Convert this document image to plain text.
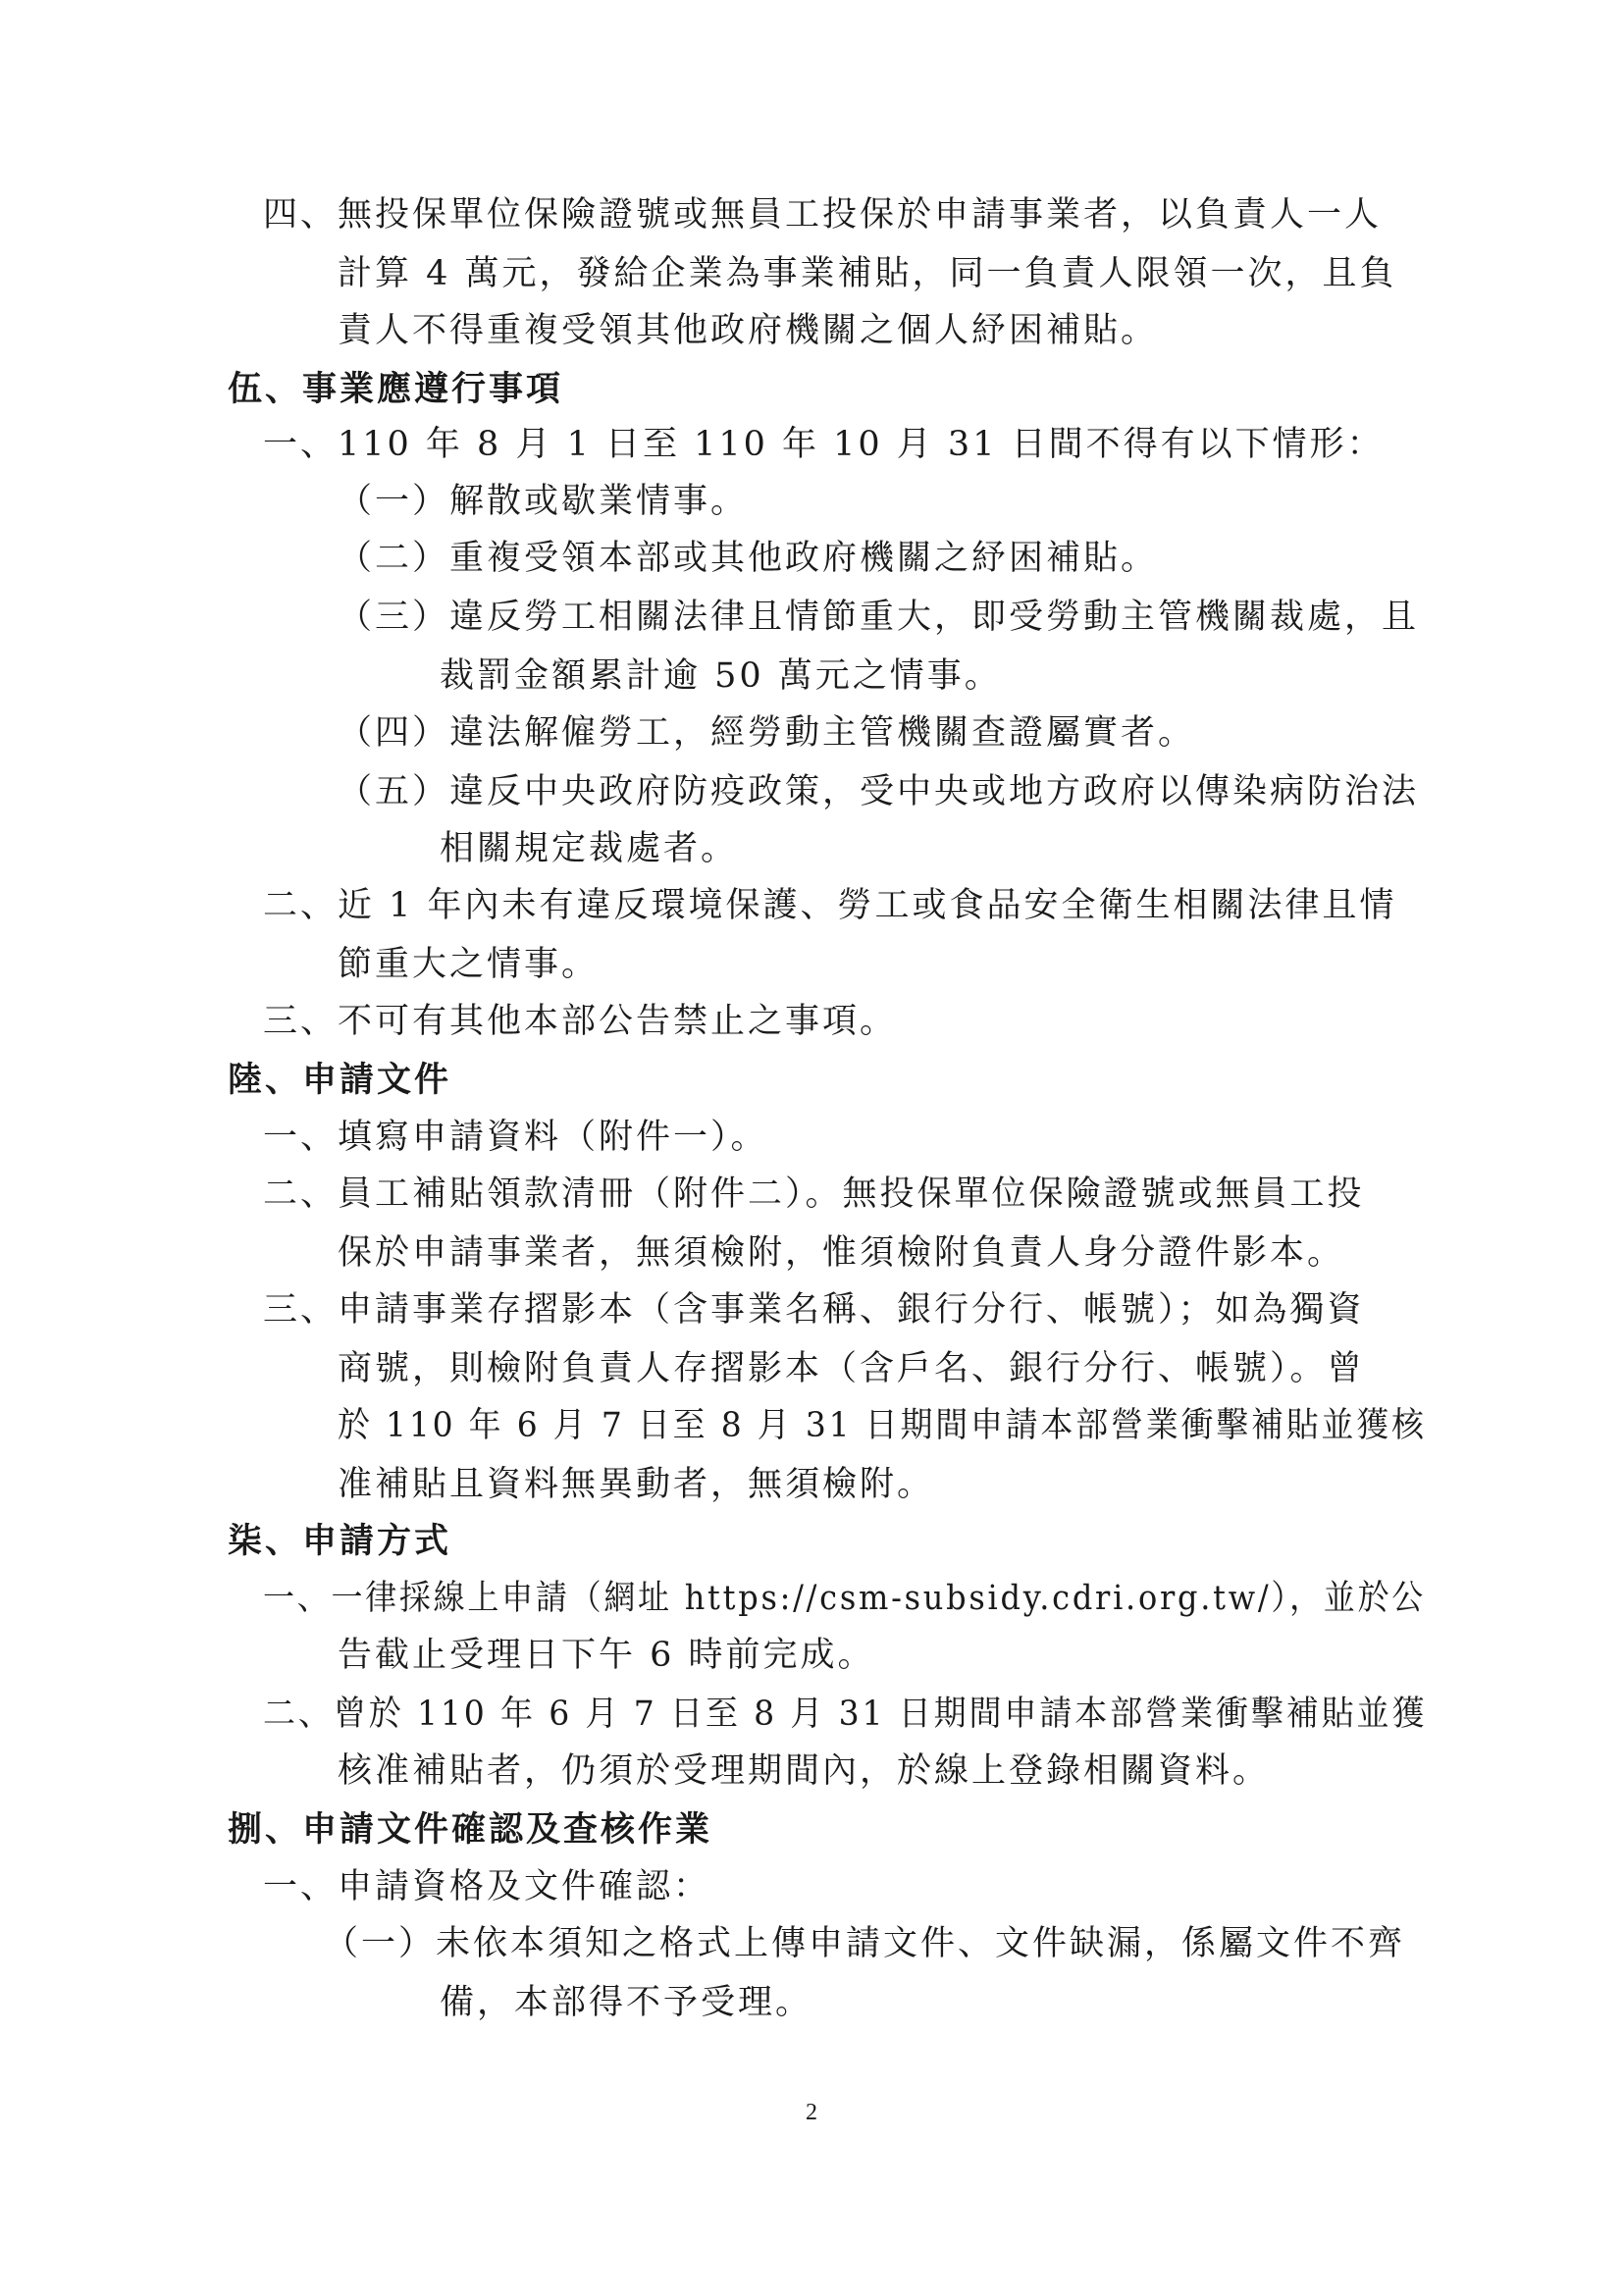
四、無投保單位保險證號或無員工投保於申請事業者，以負責人一人
計算 4 萬元，發給企業為事業補貼，同一負責人限領一次，且負
責人不得重複受領其他政府機關之個人紓困補貼。
伍、事業應遵行事項
一、110 年 8 月 1 日至 110 年 10 月 31 日間不得有以下情形：
（一）解散或歇業情事。
（二）重複受領本部或其他政府機關之紓困補貼。
（三）違反勞工相關法律且情節重大，即受勞動主管機關裁處，且
裁罰金額累計逾 50 萬元之情事。
（四）違法解僱勞工，經勞動主管機關查證屬實者。
（五）違反中央政府防疫政策，受中央或地方政府以傳染病防治法
相關規定裁處者。
二、近 1 年內未有違反環境保護、勞工或食品安全衛生相關法律且情
節重大之情事。
三、不可有其他本部公告禁止之事項。
陸、申請文件
一、填寫申請資料（附件一）。
二、員工補貼領款清冊（附件二）。無投保單位保險證號或無員工投
保於申請事業者，無須檢附，惟須檢附負責人身分證件影本。
三、申請事業存摺影本（含事業名稱、銀行分行、帳號）；如為獨資
商號，則檢附負責人存摺影本（含戶名、銀行分行、帳號）。曾
於 110 年 6 月 7 日至 8 月 31 日期間申請本部營業衝擊補貼並獲核
准補貼且資料無異動者，無須檢附。
柒、申請方式
一、一律採線上申請（網址 https://csm-subsidy.cdri.org.tw/），並於公
告截止受理日下午 6 時前完成。
二、曾於 110 年 6 月 7 日至 8 月 31 日期間申請本部營業衝擊補貼並獲
核准補貼者，仍須於受理期間內，於線上登錄相關資料。
捌、申請文件確認及查核作業
一、申請資格及文件確認：
（一）未依本須知之格式上傳申請文件、文件缺漏，係屬文件不齊
備，本部得不予受理。
2
